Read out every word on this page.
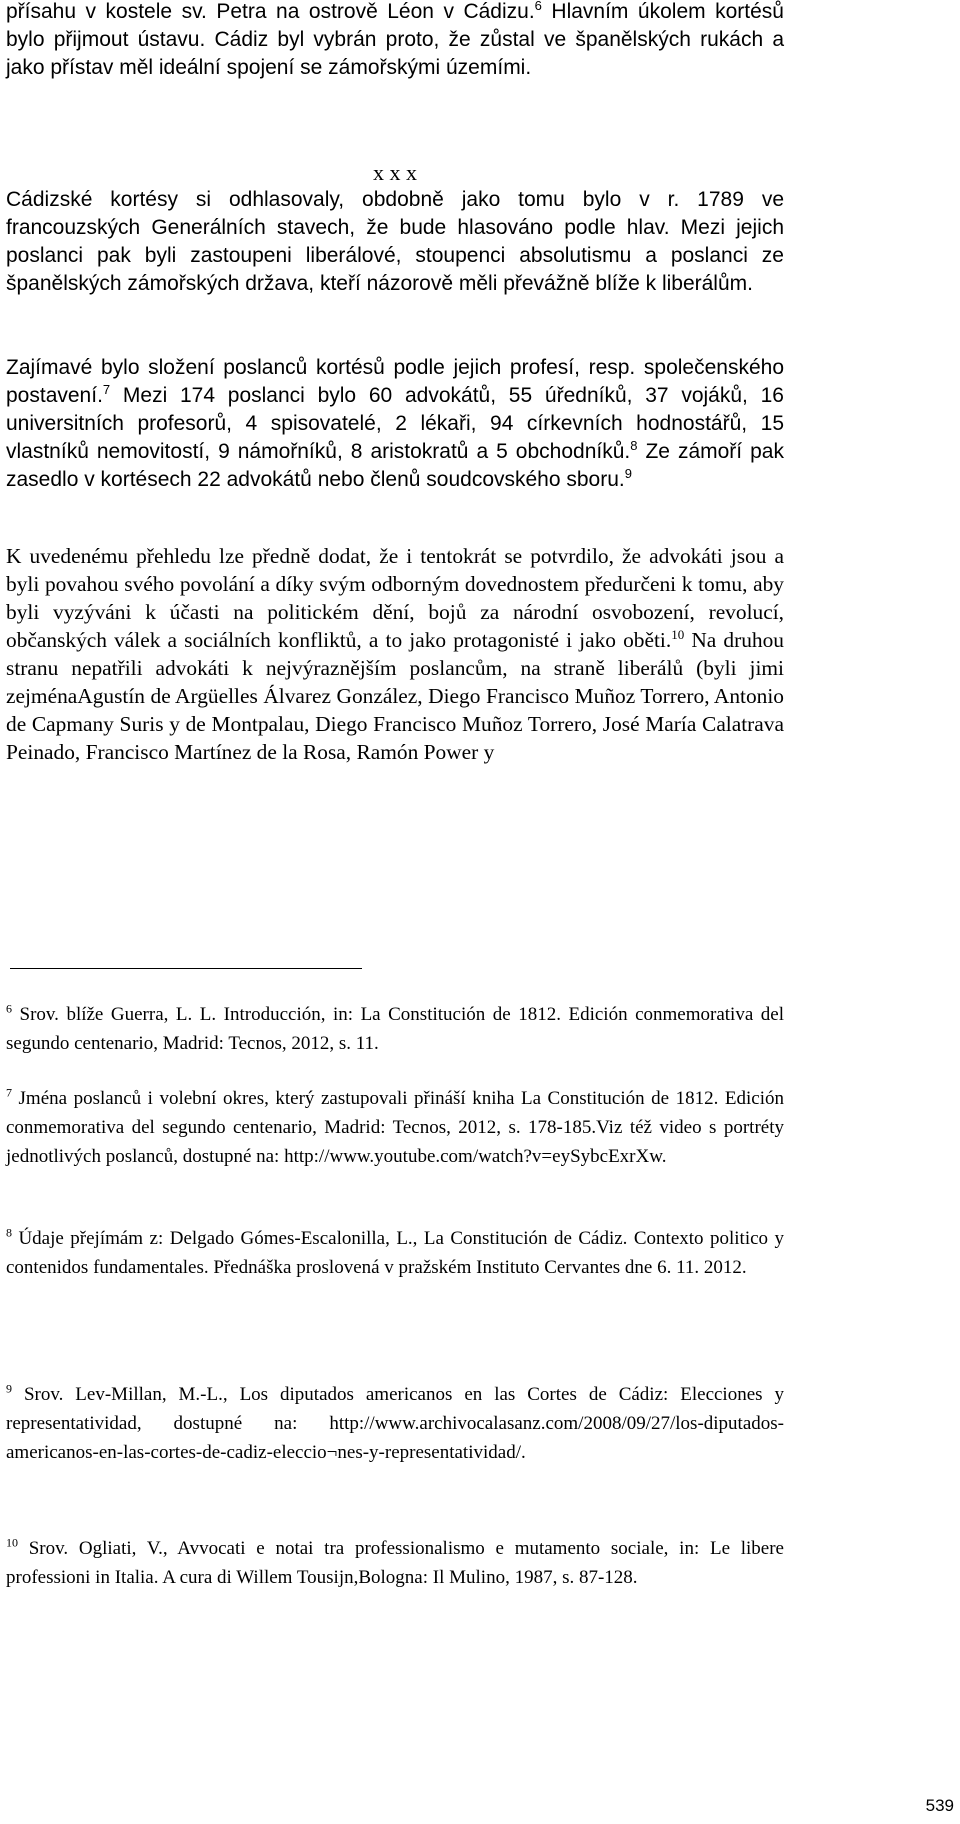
přísahu v kostele sv. Petra na ostrově Léon v Cádizu.$^6$ Hlavním úkolem kortésů bylo přijmout ústavu. Cádiz byl vybrán proto, že zůstal ve španělských rukách a jako přístav měl ideální spojení se zámořskými územími.

x x x

Cádizské kortésy si odhlasovaly, obdobně jako tomu bylo v r. 1789 ve francouzských Generálních stavech, že bude hlasováno podle hlav. Mezi jejich poslanci pak byli zastoupeni liberálové, stoupenci absolutismu a poslanci ze španělských zámořských država, kteří názorově měli převážně blíže k liberálům.

Zajímavé bylo složení poslanců kortésů podle jejich profesí, resp. společenského postavení.$^7$ Mezi 174 poslanci bylo 60 advokátů, 55 úředníků, 37 vojáků, 16 universitních profesorů, 4 spisovatelé, 2 lékaři, 94 církevních hodnostářů, 15 vlastníků nemovitostí, 9 námořníků, 8 aristokratů a 5 obchodníků.$^8$ Ze zámoří pak zasedlo v kortésech 22 advokátů nebo členů soudcovského sboru.$^9$

K uvedenému přehledu lze předně dodat, že i tentokrát se potvrdilo, že advokáti jsou a byli povahou svého povolání a díky svým odborným dovednostem předurčeni k tomu, aby byli vyzýváni k účasti na politickém dění, bojů za národní osvobození, revolucí, občanských válek a sociálních konfliktů, a to jako protagonisté i jako oběti.$^{10}$ Na druhou stranu nepatřili advokáti k nejvýraznějším poslancům, na straně liberálů (byli jimi zejménaAgustín de Argüelles Álvarez González, Diego Francisco Muñoz Torrero, Antonio de Capmany Suris y de Montpalau, Diego Francisco Muñoz Torrero, José María Calatrava Peinado, Francisco Martínez de la Rosa, Ramón Power y

$^6$ Srov. blíže Guerra, L. L. Introducción, in: La Constitución de 1812. Edición conmemorativa del segundo centenario, Madrid: Tecnos, 2012, s. 11.

$^7$ Jména poslanců i volební okres, který zastupovali přináší kniha La Constitución de 1812. Edición conmemorativa del segundo centenario, Madrid: Tecnos, 2012, s. 178-185.Viz též video s portréty jednotlivých poslanců, dostupné na: http://www.youtube.com/watch?v=eySybcExrXw.

$^8$ Údaje přejímám z: Delgado Gómes-Escalonilla, L., La Constitución de Cádiz. Contexto politico y contenidos fundamentales. Přednáška proslovená v pražském Instituto Cervantes dne 6. 11. 2012.

$^9$ Srov. Lev-Millan, M.-L., Los diputados americanos en las Cortes de Cádiz: Elecciones y representatividad, dostupné na: http://www.archivocalasanz.com/2008/09/27/los-diputados-americanos-en-las-cortes-de-cadiz-eleccio¬nes-y-representatividad/.

$^{10}$ Srov. Ogliati, V., Avvocati e notai tra professionalismo e mutamento sociale, in: Le libere professioni in Italia. A cura di Willem Tousijn,Bologna: Il Mulino, 1987, s. 87-128.

539
